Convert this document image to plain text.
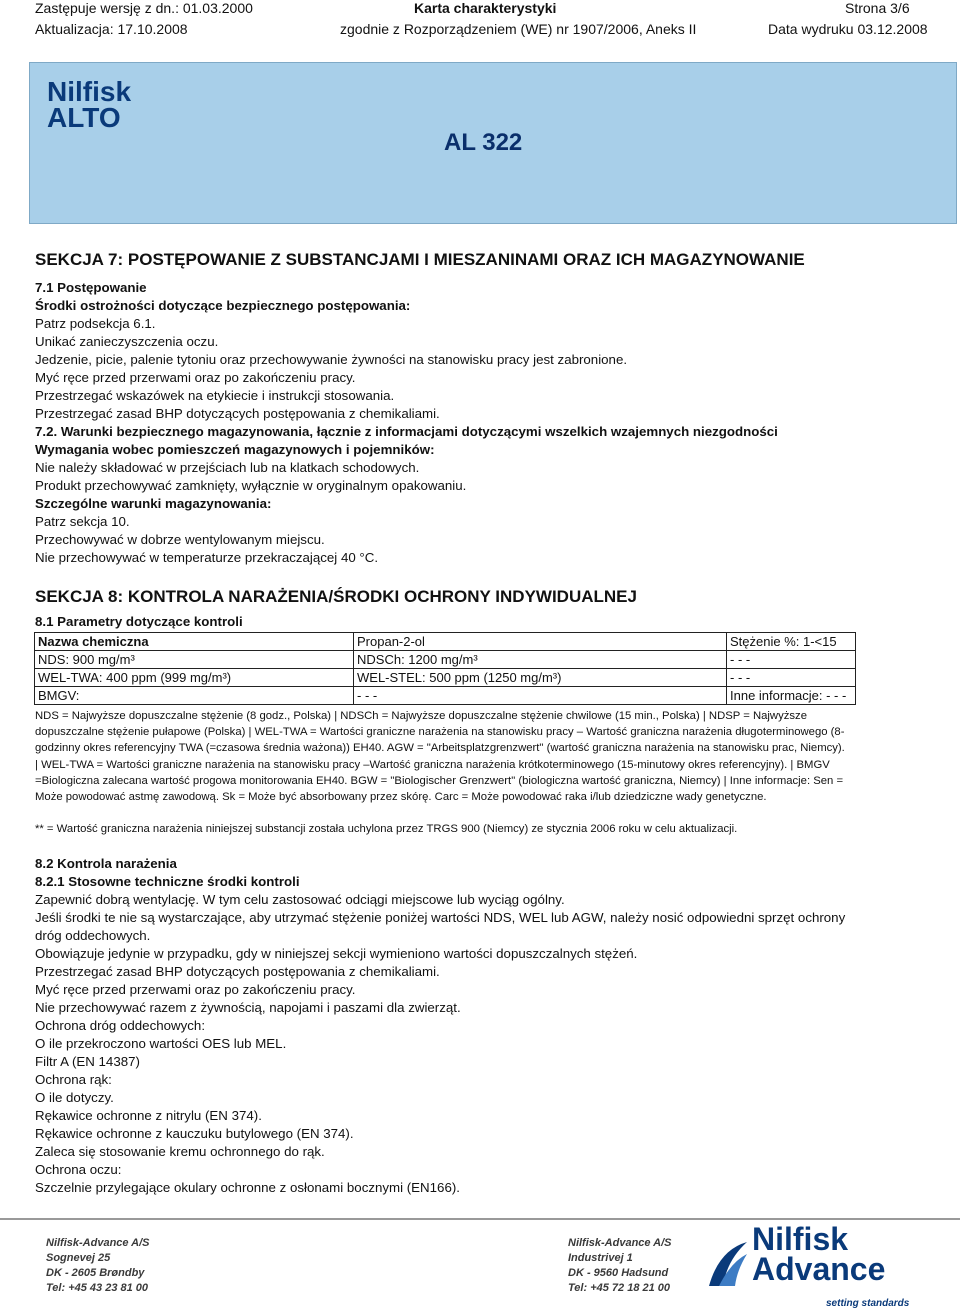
Zastępuje wersję z dn.: 01.03.2000	Karta charakterystyki	Strona 3/6
Aktualizacja: 17.10.2008	zgodnie z Rozporządzeniem (WE) nr 1907/2006, Aneks II	Data wydruku 03.12.2008
Nilfisk
ALTO
AL 322
SEKCJA 7: POSTĘPOWANIE Z SUBSTANCJAMI I MIESZANINAMI ORAZ ICH MAGAZYNOWANIE
7.1 Postępowanie
Środki ostrożności dotyczące bezpiecznego postępowania:
Patrz podsekcja 6.1.
Unikać zanieczyszczenia oczu.
Jedzenie, picie, palenie tytoniu oraz przechowywanie żywności na stanowisku pracy jest zabronione.
Myć ręce przed przerwami oraz po zakończeniu pracy.
Przestrzegać wskazówek na etykiecie i instrukcji stosowania.
Przestrzegać zasad BHP dotyczących postępowania z chemikaliami.
7.2. Warunki bezpiecznego magazynowania, łącznie z informacjami dotyczącymi wszelkich wzajemnych niezgodności
Wymagania wobec pomieszczeń magazynowych i pojemników:
Nie należy składować w przejściach lub na klatkach schodowych.
Produkt przechowywać zamknięty, wyłącznie w oryginalnym opakowaniu.
Szczególne warunki magazynowania:
Patrz sekcja 10.
Przechowywać w dobrze wentylowanym miejscu.
Nie przechowywać w temperaturze przekraczającej 40 °C.
SEKCJA 8: KONTROLA NARAŻENIA/ŚRODKI OCHRONY INDYWIDUALNEJ
8.1 Parametry dotyczące kontroli
Nazwa chemiczna	Propan-2-ol	Stężenie %: 1-<15
NDS: 900 mg/m³	NDSCh: 1200 mg/m³	- - -
WEL-TWA: 400 ppm (999 mg/m³)	WEL-STEL: 500 ppm (1250 mg/m³)	- - -
BMGV:	- - -	Inne informacje: - - -
NDS = Najwyższe dopuszczalne stężenie (8 godz., Polska) | NDSCh = Najwyższe dopuszczalne stężenie chwilowe (15 min., Polska) | NDSP = Najwyższe dopuszczalne stężenie pułapowe (Polska) | WEL-TWA = Wartości graniczne narażenia na stanowisku pracy – Wartość graniczna narażenia długoterminowego (8-godzinny okres referencyjny TWA (=czasowa średnia ważona)) EH40. AGW = "Arbeitsplatzgrenzwert" (wartość graniczna narażenia na stanowisku prac, Niemcy). | WEL-TWA = Wartości graniczne narażenia na stanowisku pracy –Wartość graniczna narażenia krótkoterminowego (15-minutowy okres referencyjny). | BMGV =Biologiczna zalecana wartość progowa monitorowania EH40. BGW = "Biologischer Grenzwert" (biologiczna wartość graniczna, Niemcy) | Inne informacje: Sen = Może powodować astmę zawodową. Sk = Może być absorbowany przez skórę. Carc = Może powodować raka i/lub dziedziczne wady genetyczne.
** = Wartość graniczna narażenia niniejszej substancji została uchylona przez TRGS 900 (Niemcy) ze stycznia 2006 roku w celu aktualizacji.
8.2 Kontrola narażenia
8.2.1 Stosowne techniczne środki kontroli
Zapewnić dobrą wentylację. W tym celu zastosować odciągi miejscowe lub wyciąg ogólny.
Jeśli środki te nie są wystarczające, aby utrzymać stężenie poniżej wartości NDS, WEL lub AGW, należy nosić odpowiedni sprzęt ochrony
dróg oddechowych.
Obowiązuje jedynie w przypadku, gdy w niniejszej sekcji wymieniono wartości dopuszczalnych stężeń.
Przestrzegać zasad BHP dotyczących postępowania z chemikaliami.
Myć ręce przed przerwami oraz po zakończeniu pracy.
Nie przechowywać razem z żywnością, napojami i paszami dla zwierząt.
Ochrona dróg oddechowych:
O ile przekroczono wartości OES lub MEL.
Filtr A (EN 14387)
Ochrona rąk:
O ile dotyczy.
Rękawice ochronne z nitrylu (EN 374).
Rękawice ochronne z kauczuku butylowego (EN 374).
Zaleca się stosowanie kremu ochronnego do rąk.
Ochrona oczu:
Szczelnie przylegające okulary ochronne z osłonami bocznymi (EN166).
Nilfisk-Advance A/S
Sognevej 25
DK - 2605 Brøndby
Tel: +45 43 23 81 00
Nilfisk-Advance A/S
Industrivej 1
DK - 9560 Hadsund
Tel: +45 72 18 21 00
Nilfisk
Advance
setting standards
